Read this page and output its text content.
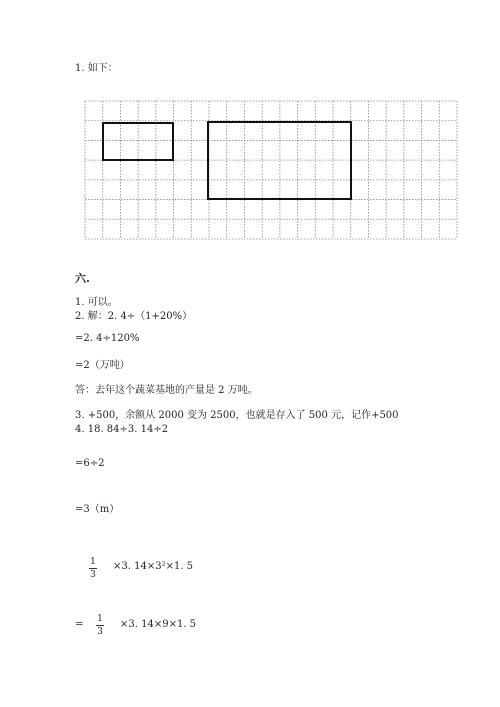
1. 如下：
六.
1. 可以。
2. 解：2. 4÷（1+20%）
=2. 4÷120%
=2（万吨）
答：去年这个蔬菜基地的产量是 2 万吨。
3. +500，余额从 2000 变为 2500，也就是存入了 500 元，记作+500
4. 18. 84÷3. 14÷2
=6÷2
=3（m）
1
3
×3. 14×3²×1. 5
= 1
3
×3. 14×9×1. 5
